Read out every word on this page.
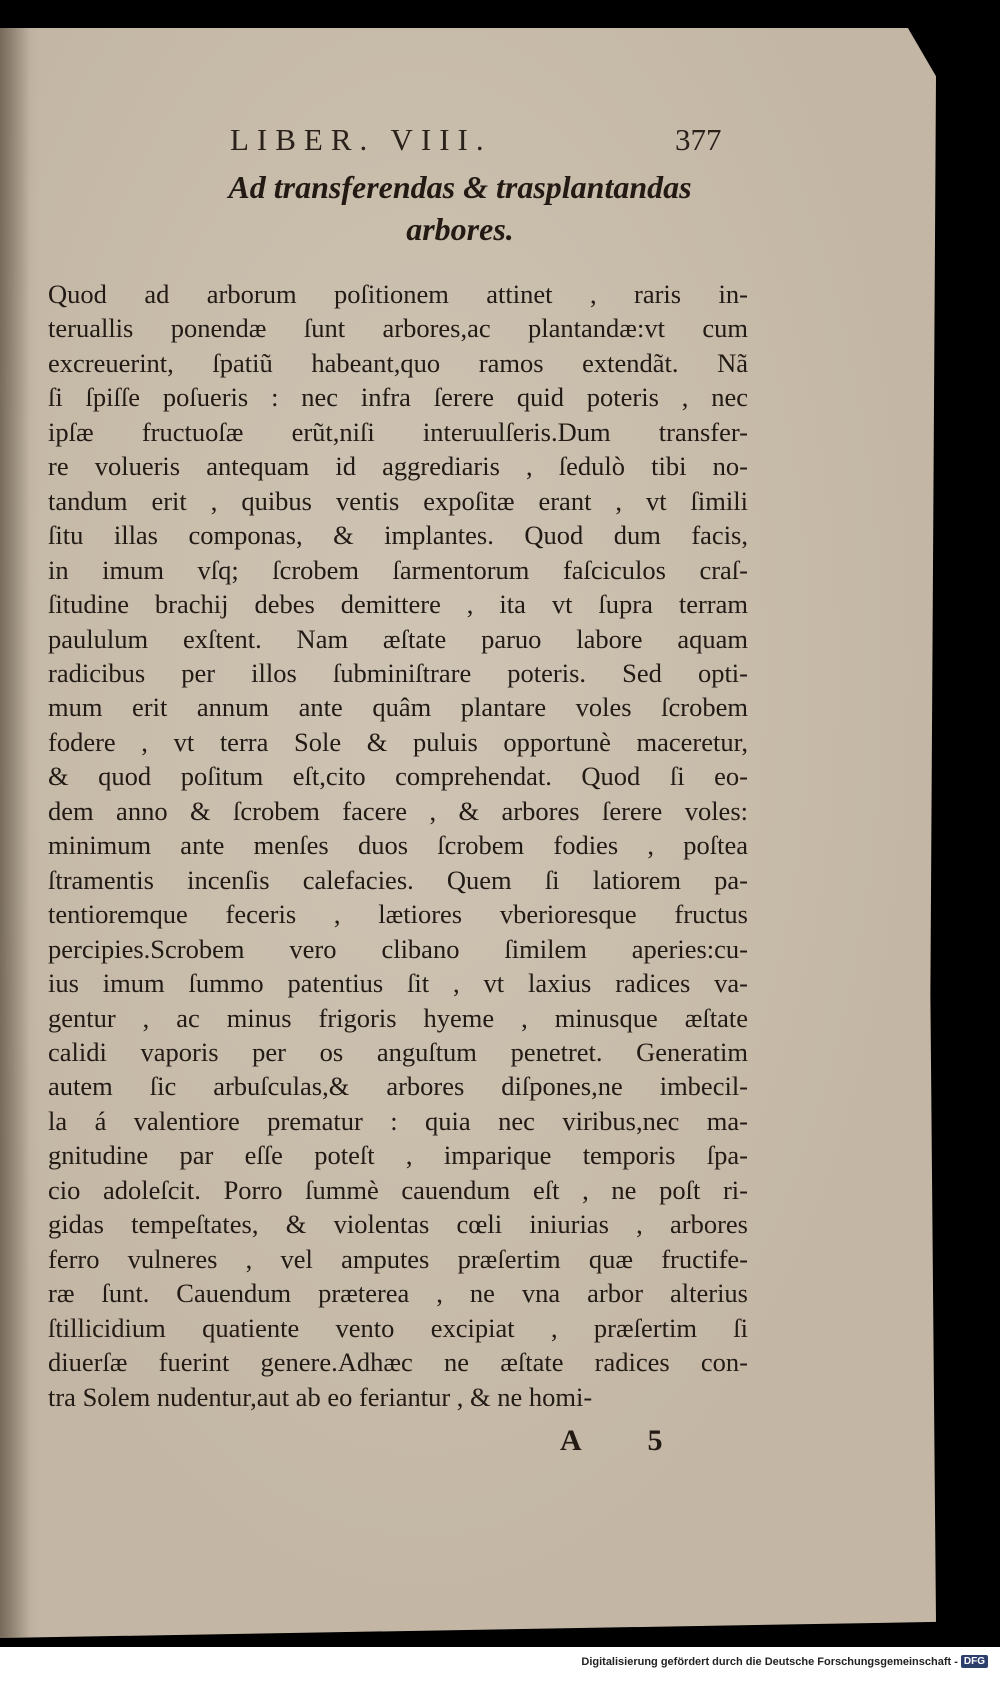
LIBER. VIII.	377
Ad transferendas & trasplantandas
arbores.
Quod ad arborum poſitionem attinet , raris in-
teruallis ponendæ ſunt arbores,ac plantandæ:vt cum
excreuerint, ſpatiũ habeant,quo ramos extendãt. Nã
ſi ſpiſſe poſueris : nec infra ſerere quid poteris , nec
ipſæ fructuoſæ erũt,niſi interuulſeris.Dum transfer-
re volueris antequam id aggrediaris , ſedulò tibi no-
tandum erit , quibus ventis expoſitæ erant , vt ſimili
ſitu illas componas, & implantes. Quod dum facis,
in imum vſq; ſcrobem ſarmentorum faſciculos craſ-
ſitudine brachij debes demittere , ita vt ſupra terram
paululum exſtent. Nam æſtate paruo labore aquam
radicibus per illos ſubminiſtrare poteris. Sed opti-
mum erit annum ante quâm plantare voles ſcrobem
fodere , vt terra Sole & puluis opportunè maceretur,
& quod poſitum eſt,cito comprehendat. Quod ſi eo-
dem anno & ſcrobem facere , & arbores ſerere voles:
minimum ante menſes duos ſcrobem fodies , poſtea
ſtramentis incenſis calefacies. Quem ſi latiorem pa-
tentioremque feceris , lætiores vberioresque fructus
percipies.Scrobem vero clibano ſimilem aperies:cu-
ius imum ſummo patentius ſit , vt laxius radices va-
gentur , ac minus frigoris hyeme , minusque æſtate
calidi vaporis per os anguſtum penetret. Generatim
autem ſic arbuſculas,& arbores diſpones,ne imbecil-
la á valentiore prematur : quia nec viribus,nec ma-
gnitudine par eſſe poteſt , imparique temporis ſpa-
cio adoleſcit. Porro ſummè cauendum eſt , ne poſt ri-
gidas tempeſtates, & violentas cœli iniurias , arbores
ferro vulneres , vel amputes præſertim quæ fructife-
ræ ſunt. Cauendum præterea , ne vna arbor alterius
ſtillicidium quatiente vento excipiat , præſertim ſi
diuerſæ fuerint genere.Adhæc ne æſtate radices con-
tra Solem nudentur,aut ab eo feriantur , & ne homi-
A 5
Digitalisierung gefördert durch die Deutsche Forschungsgemeinschaft - DFG
